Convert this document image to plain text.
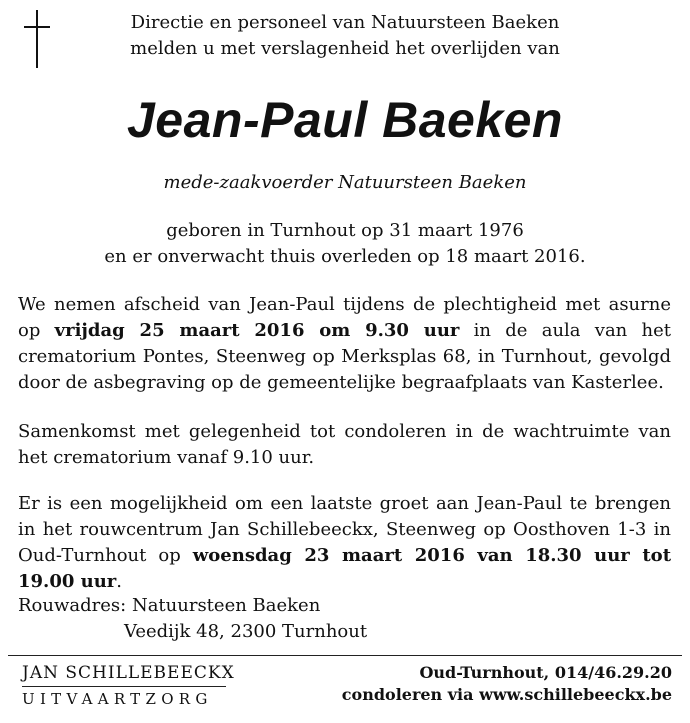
Directie en personeel van Natuursteen Baeken
melden u met verslagenheid het overlijden van
Jean-Paul Baeken
mede-zaakvoerder Natuursteen Baeken
geboren in Turnhout op 31 maart 1976
en er onverwacht thuis overleden op 18 maart 2016.
We nemen afscheid van Jean-Paul tijdens de plechtigheid met asurne op vrijdag 25 maart 2016 om 9.30 uur in de aula van het crematorium Pontes, Steenweg op Merksplas 68, in Turnhout, gevolgd door de asbegraving op de gemeentelijke begraafplaats van Kasterlee.
Samenkomst met gelegenheid tot condoleren in de wachtruimte van het crematorium vanaf 9.10 uur.
Er is een mogelijkheid om een laatste groet aan Jean-Paul te brengen in het rouwcentrum Jan Schillebeeckx, Steenweg op Oosthoven 1-3 in Oud-Turnhout op woensdag 23 maart 2016 van 18.30 uur tot 19.00 uur.
Rouwadres: Natuursteen Baeken
Veedijk 48, 2300 Turnhout
JAN SCHILLEBEECKX
UITVAARTZORG
Oud-Turnhout, 014/46.29.20
condoleren via www.schillebeeckx.be
